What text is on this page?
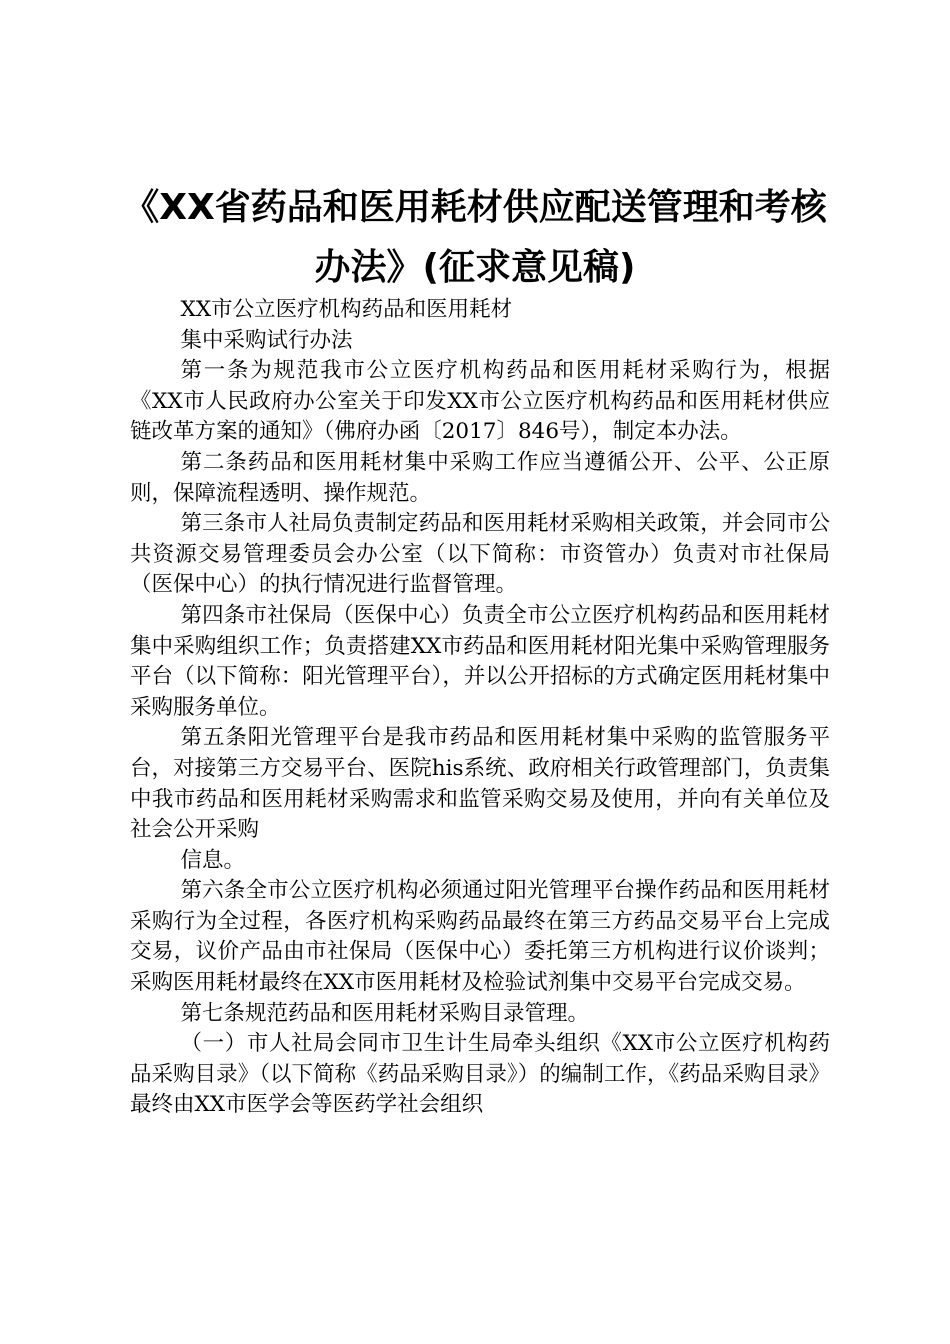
《XX省药品和医用耗材供应配送管理和考核
办法》(征求意见稿)

XX市公立医疗机构药品和医用耗材

集中采购试行办法

第一条为规范我市公立医疗机构药品和医用耗材采购行为，根据《XX市人民政府办公室关于印发XX市公立医疗机构药品和医用耗材供应链改革方案的通知》（佛府办函〔2017〕846号），制定本办法。

第二条药品和医用耗材集中采购工作应当遵循公开、公平、公正原则，保障流程透明、操作规范。

第三条市人社局负责制定药品和医用耗材采购相关政策，并会同市公共资源交易管理委员会办公室（以下简称：市资管办）负责对市社保局（医保中心）的执行情况进行监督管理。

第四条市社保局（医保中心）负责全市公立医疗机构药品和医用耗材集中采购组织工作；负责搭建XX市药品和医用耗材阳光集中采购管理服务平台（以下简称：阳光管理平台），并以公开招标的方式确定医用耗材集中采购服务单位。

第五条阳光管理平台是我市药品和医用耗材集中采购的监管服务平台，对接第三方交易平台、医院his系统、政府相关行政管理部门，负责集中我市药品和医用耗材采购需求和监管采购交易及使用，并向有关单位及社会公开采购

信息。

第六条全市公立医疗机构必须通过阳光管理平台操作药品和医用耗材采购行为全过程，各医疗机构采购药品最终在第三方药品交易平台上完成交易，议价产品由市社保局（医保中心）委托第三方机构进行议价谈判；采购医用耗材最终在XX市医用耗材及检验试剂集中交易平台完成交易。

第七条规范药品和医用耗材采购目录管理。

（一）市人社局会同市卫生计生局牵头组织《XX市公立医疗机构药品采购目录》（以下简称《药品采购目录》）的编制工作，《药品采购目录》最终由XX市医学会等医药学社会组织
